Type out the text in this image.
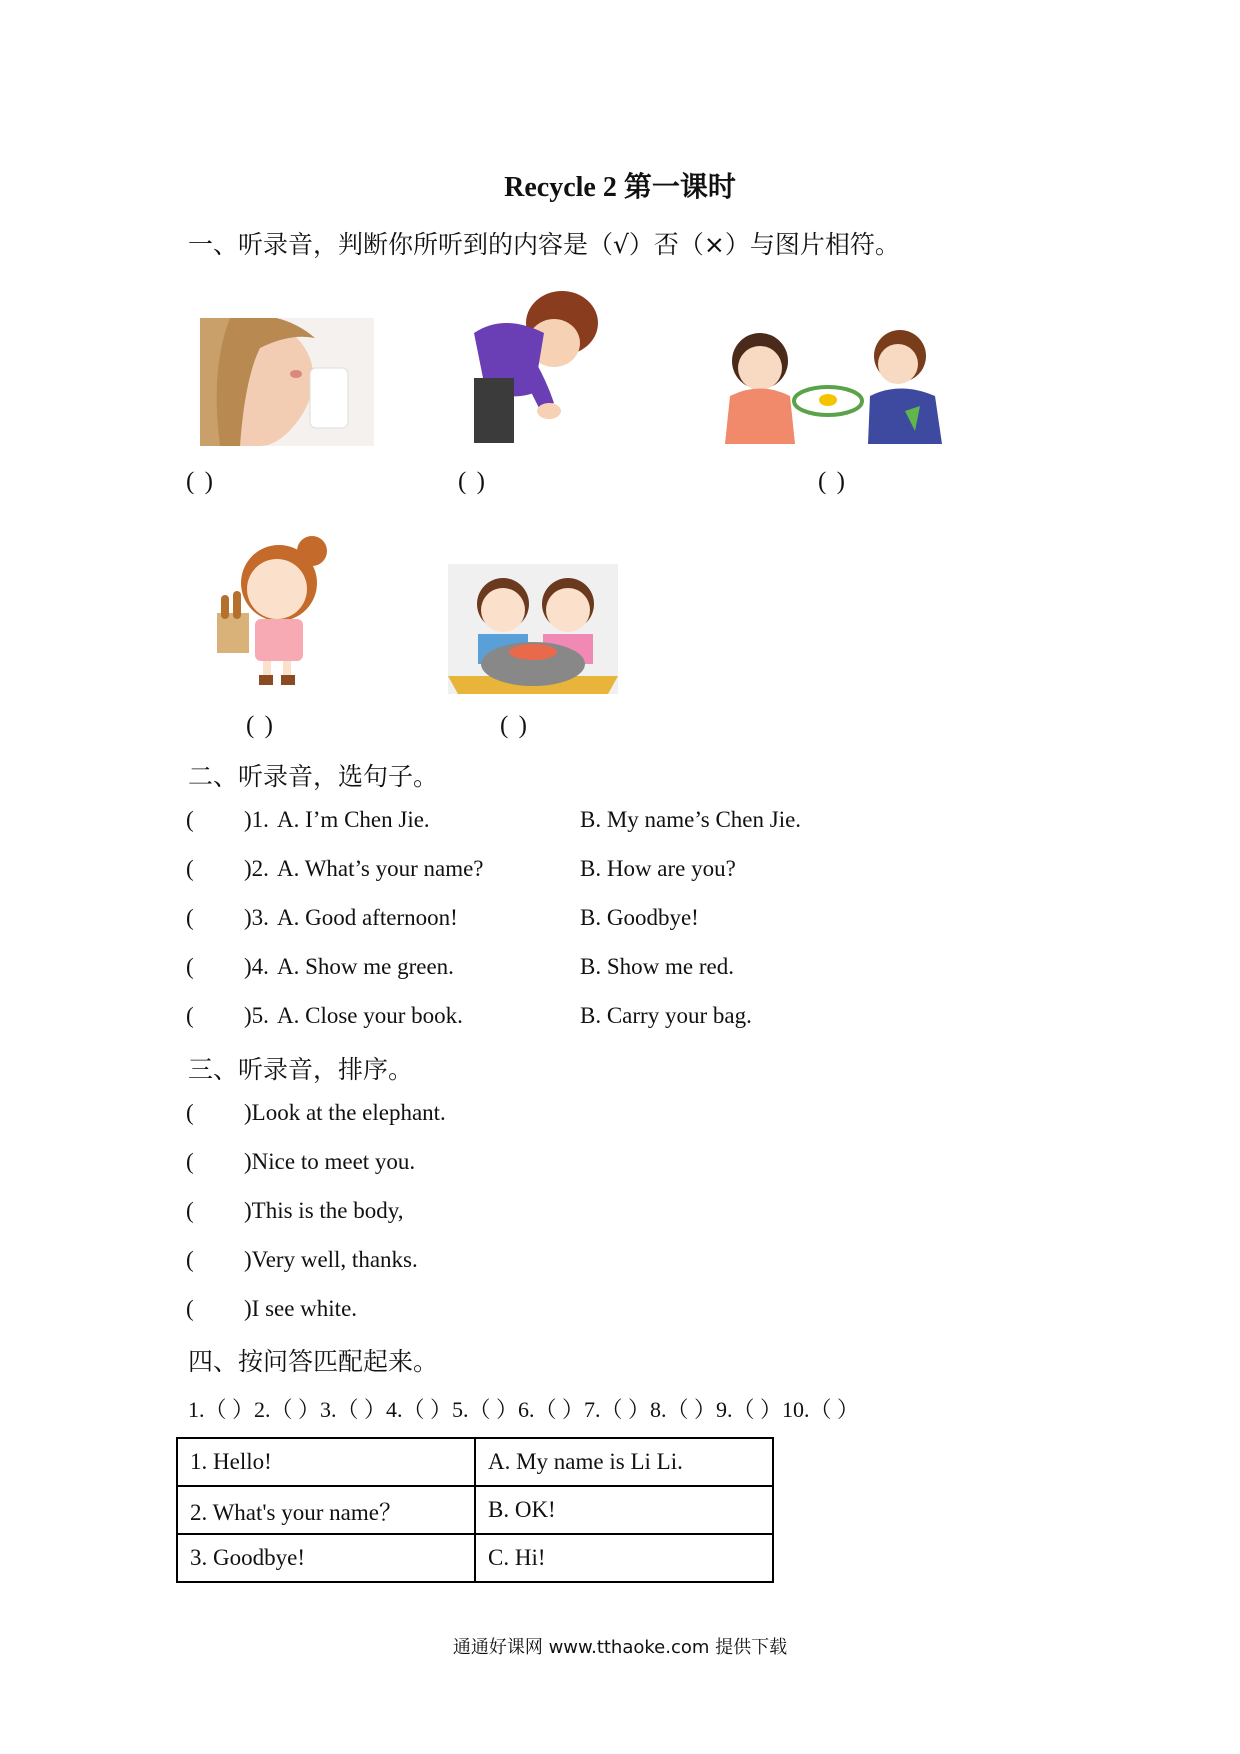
Recycle 2 第一课时
一、听录音，判断你所听到的内容是（√）否（×）与图片相符。
( )	( )	( )
( )	( )
二、听录音，选句子。
( )1. A. I’m Chen Jie.	B. My name’s Chen Jie.
( )2. A. What’s your name?	B. How are you?
( )3. A. Good afternoon!	B. Goodbye!
( )4. A. Show me green.	B. Show me red.
( )5. A. Close your book.	B. Carry your bag.
三、听录音，排序。
( )Look at the elephant.
( )Nice to meet you.
( )This is the body,
( )Very well, thanks.
( )I see white.
四、按问答匹配起来。
1.（ ）2.（ ）3.（ ）4.（ ）5.（ ）6.（ ）7.（ ）8.（ ）9.（ ）10.（ ）
1. Hello!	A. My name is Li Li.
2. What's your name？	B. OK!
3. Goodbye!	C. Hi!
通通好课网 www.tthaoke.com 提供下载
